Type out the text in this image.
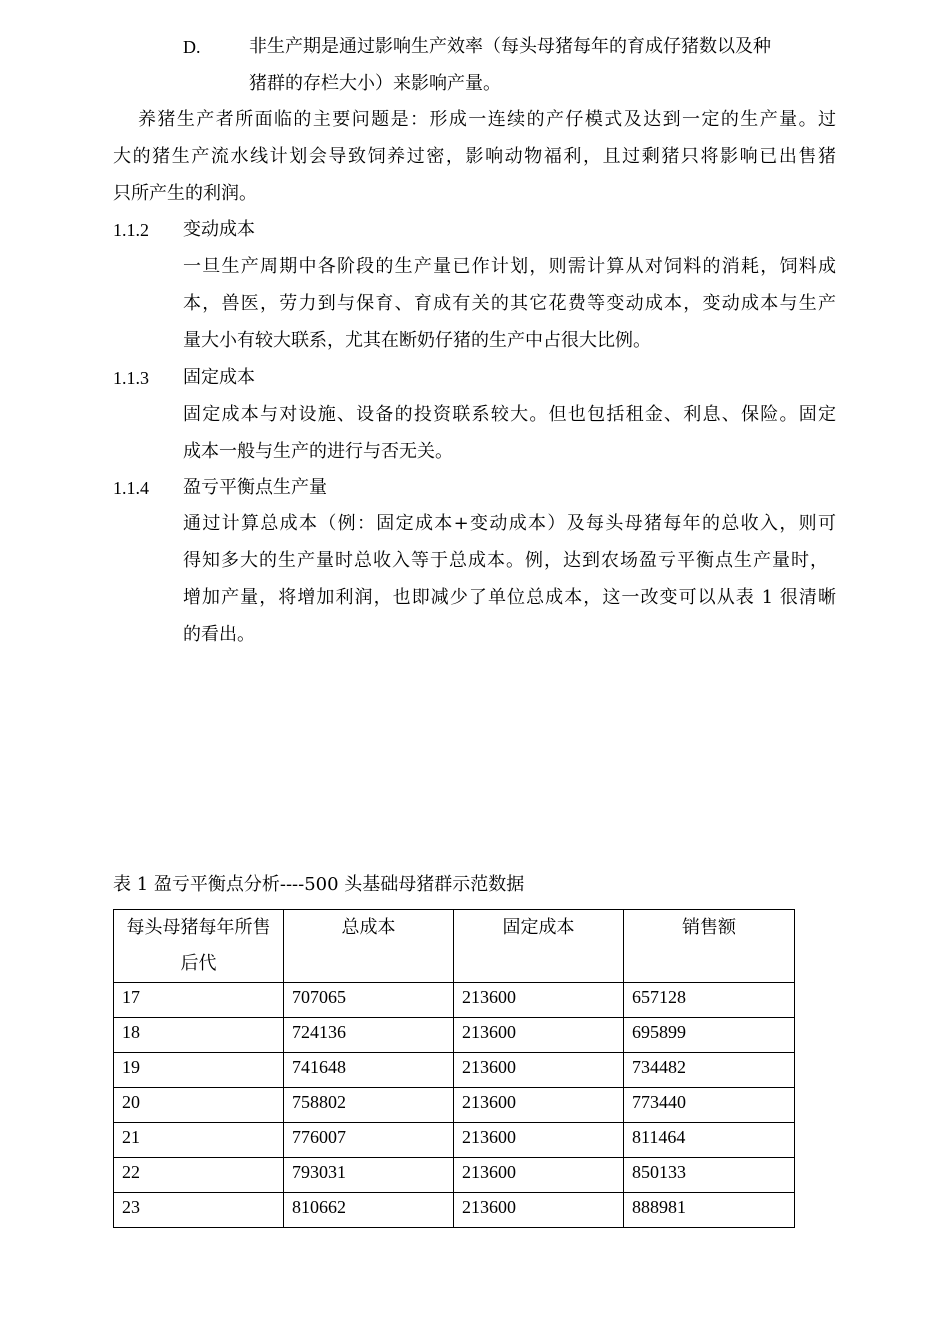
D.	非生产期是通过影响生产效率（每头母猪每年的育成仔猪数以及种
猪群的存栏大小）来影响产量。
养猪生产者所面临的主要问题是：形成一连续的产仔模式及达到一定的生产量。过
大的猪生产流水线计划会导致饲养过密，影响动物福利，且过剩猪只将影响已出售猪
只所产生的利润。
1.1.2 变动成本
一旦生产周期中各阶段的生产量已作计划，则需计算从对饲料的消耗，饲料成
本，兽医，劳力到与保育、育成有关的其它花费等变动成本，变动成本与生产
量大小有较大联系，尤其在断奶仔猪的生产中占很大比例。
1.1.3 固定成本
固定成本与对设施、设备的投资联系较大。但也包括租金、利息、保险。固定
成本一般与生产的进行与否无关。
1.1.4 盈亏平衡点生产量
通过计算总成本（例：固定成本+变动成本）及每头母猪每年的总收入，则可
得知多大的生产量时总收入等于总成本。例，达到农场盈亏平衡点生产量时，
增加产量，将增加利润，也即减少了单位总成本，这一改变可以从表 1 很清晰
的看出。
表 1 盈亏平衡点分析----500 头基础母猪群示范数据
每头母猪每年所售后代	总成本	固定成本	销售额

17	707065	213600	657128
18	724136	213600	695899
19	741648	213600	734482
20	758802	213600	773440
21	776007	213600	811464
22	793031	213600	850133
23	810662	213600	888981
